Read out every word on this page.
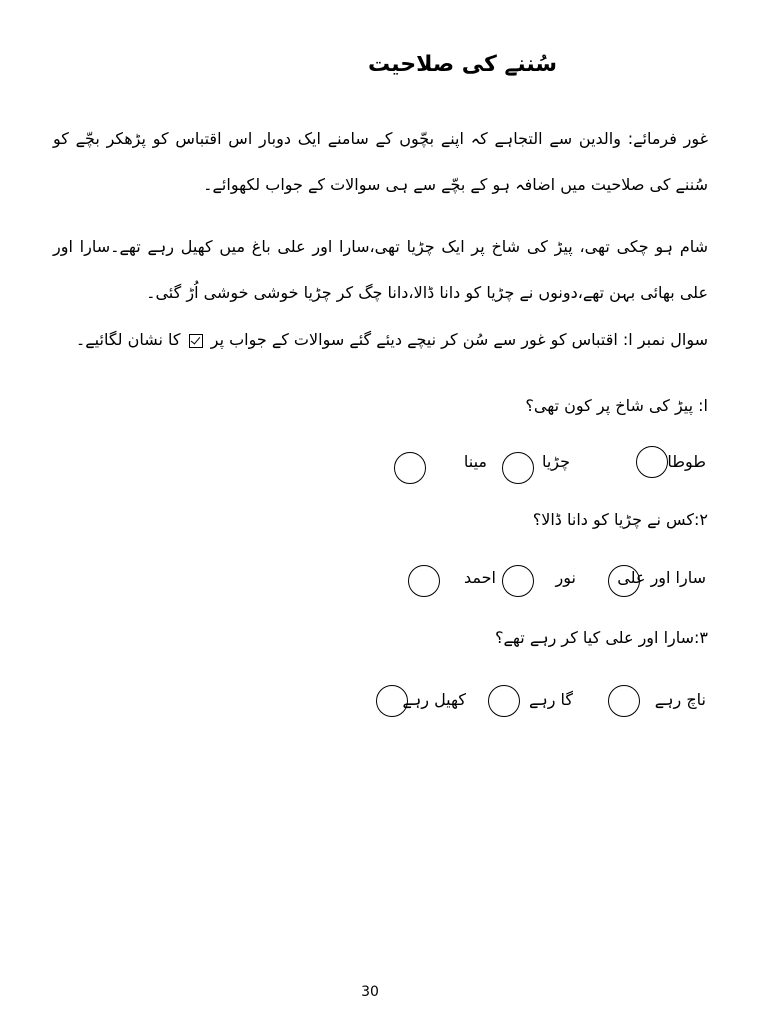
سُننے کی صلاحیت
غور فرمائے: والدین سے التجاہے کہ اپنے بچّوں کے سامنے ایک دوبار اس اقتباس کو پڑھکر بچّے کو سُننے کی صلاحیت میں اضافہ ہو کے بچّے سے ہی سوالات کے جواب لکھوائے۔
شام ہو چکی تھی، پیڑ کی شاخ پر ایک چڑیا تھی،سارا اور علی باغ میں کھیل رہے تھے۔سارا اور علی بھائی بہن تھے،دونوں نے چڑیا کو دانا ڈالا،دانا چگ کر چڑیا خوشی خوشی اُڑ گئی۔
سوال نمبر ا: اقتباس کو غور سے سُن کر نیچے دیئے گئے سوالات کے جواب پر  کا نشان لگائیے۔
ا: پیڑ کی شاخ پر کون تھی؟
طوطا
چڑیا
مینا
۲:کس نے چڑیا کو دانا ڈالا؟
سارا اور علی
نور
احمد
۳:سارا اور علی کیا کر رہے تھے؟
ناچ رہے
گا رہے
کھیل رہے
30
